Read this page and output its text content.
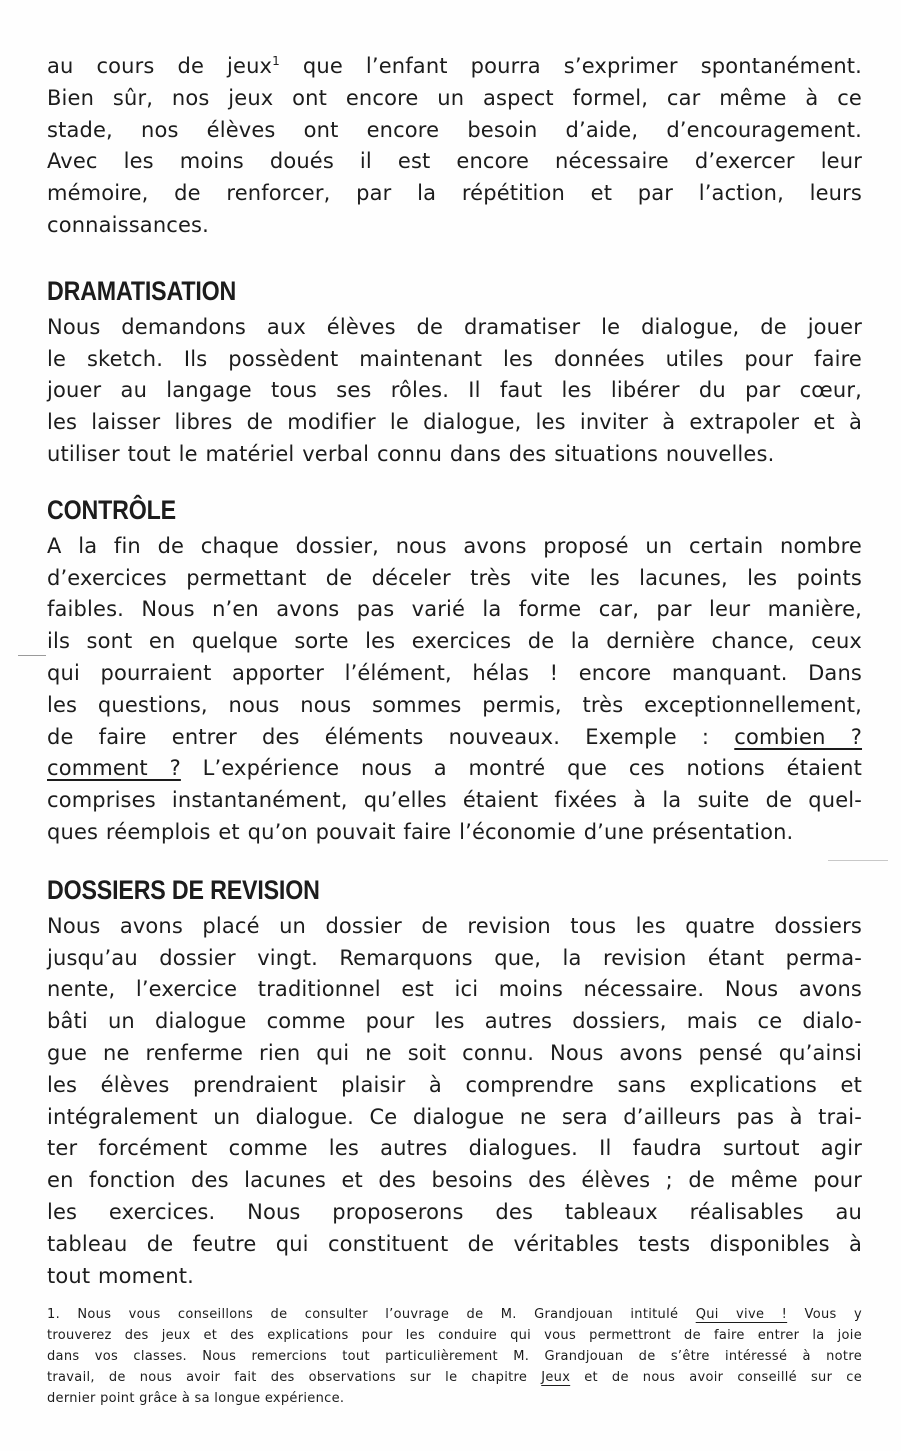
au cours de jeux$^1$ que l’enfant pourra s’exprimer spontanément.
Bien sûr, nos jeux ont encore un aspect formel, car même à ce
stade, nos élèves ont encore besoin d’aide, d’encouragement.
Avec les moins doués il est encore nécessaire d’exercer leur
mémoire, de renforcer, par la répétition et par l’action, leurs
connaissances.

DRAMATISATION

Nous demandons aux élèves de dramatiser le dialogue, de jouer
le sketch. Ils possèdent maintenant les données utiles pour faire
jouer au langage tous ses rôles. Il faut les libérer du par cœur,
les laisser libres de modifier le dialogue, les inviter à extrapoler et à
utiliser tout le matériel verbal connu dans des situations nouvelles.

CONTRÔLE

A la fin de chaque dossier, nous avons proposé un certain nombre
d’exercices permettant de déceler très vite les lacunes, les points
faibles. Nous n’en avons pas varié la forme car, par leur manière,
ils sont en quelque sorte les exercices de la dernière chance, ceux
qui pourraient apporter l’élément, hélas ! encore manquant. Dans
les questions, nous nous sommes permis, très exceptionnellement,
de faire entrer des éléments nouveaux. Exemple : combien ?
comment ? L’expérience nous a montré que ces notions étaient
comprises instantanément, qu’elles étaient fixées à la suite de quel-
ques réemplois et qu’on pouvait faire l’économie d’une présentation.

DOSSIERS DE REVISION

Nous avons placé un dossier de revision tous les quatre dossiers
jusqu’au dossier vingt. Remarquons que, la revision étant perma-
nente, l’exercice traditionnel est ici moins nécessaire. Nous avons
bâti un dialogue comme pour les autres dossiers, mais ce dialo-
gue ne renferme rien qui ne soit connu. Nous avons pensé qu’ainsi
les élèves prendraient plaisir à comprendre sans explications et
intégralement un dialogue. Ce dialogue ne sera d’ailleurs pas à trai-
ter forcément comme les autres dialogues. Il faudra surtout agir
en fonction des lacunes et des besoins des élèves ; de même pour
les exercices. Nous proposerons des tableaux réalisables au
tableau de feutre qui constituent de véritables tests disponibles à
tout moment.

1. Nous vous conseillons de consulter l’ouvrage de M. Grandjouan intitulé Qui vive ! Vous y
trouverez des jeux et des explications pour les conduire qui vous permettront de faire entrer la joie
dans vos classes. Nous remercions tout particulièrement M. Grandjouan de s’être intéressé à notre
travail, de nous avoir fait des observations sur le chapitre Jeux et de nous avoir conseillé sur ce
dernier point grâce à sa longue expérience.
